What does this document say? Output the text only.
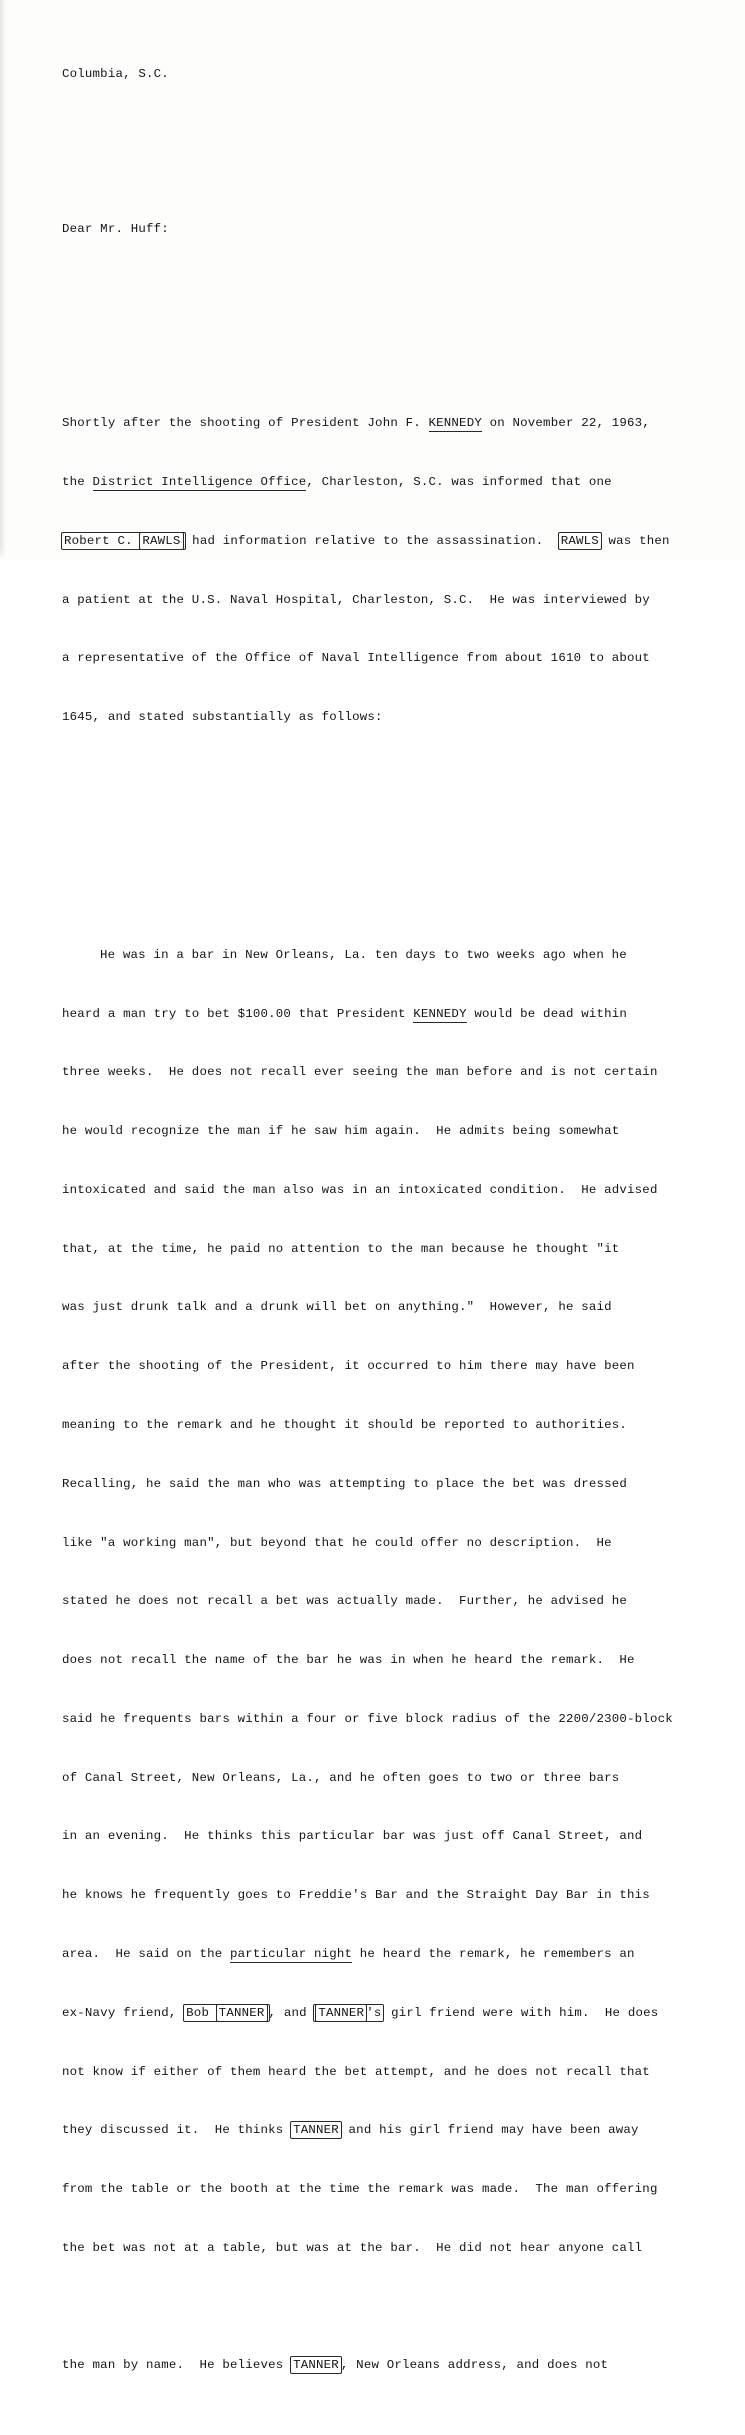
Columbia, S.C.

Dear Mr. Huff:

Shortly after the shooting of President John F. KENNEDY on November 22, 1963,

the District Intelligence Office, Charleston, S.C. was informed that one

Robert C. RAWLS had information relative to the assassination.  RAWLS was then

a patient at the U.S. Naval Hospital, Charleston, S.C.  He was interviewed by

a representative of the Office of Naval Intelligence from about 1610 to about

1645, and stated substantially as follows:

He was in a bar in New Orleans, La. ten days to two weeks ago when he

heard a man try to bet $100.00 that President KENNEDY would be dead within

three weeks.  He does not recall ever seeing the man before and is not certain

he would recognize the man if he saw him again.  He admits being somewhat

intoxicated and said the man also was in an intoxicated condition.  He advised

that, at the time, he paid no attention to the man because he thought "it

was just drunk talk and a drunk will bet on anything."  However, he said

after the shooting of the President, it occurred to him there may have been

meaning to the remark and he thought it should be reported to authorities.

Recalling, he said the man who was attempting to place the bet was dressed

like "a working man", but beyond that he could offer no description.  He

stated he does not recall a bet was actually made.  Further, he advised he

does not recall the name of the bar he was in when he heard the remark.  He

said he frequents bars within a four or five block radius of the 2200/2300-block

of Canal Street, New Orleans, La., and he often goes to two or three bars

in an evening.  He thinks this particular bar was just off Canal Street, and

he knows he frequently goes to Freddie's Bar and the Straight Day Bar in this

area.  He said on the particular night he heard the remark, he remembers an

ex-Navy friend, Bob TANNER , and TANNER 's girl friend were with him.  He does

not know if either of them heard the bet attempt, and he does not recall that

they discussed it.  He thinks TANNER and his girl friend may have been away

from the table or the booth at the time the remark was made.  The man offering

the bet was not at a table, but was at the bar.  He did not hear anyone call

the man by name.  He believes TANNER , New Orleans address, and does not
